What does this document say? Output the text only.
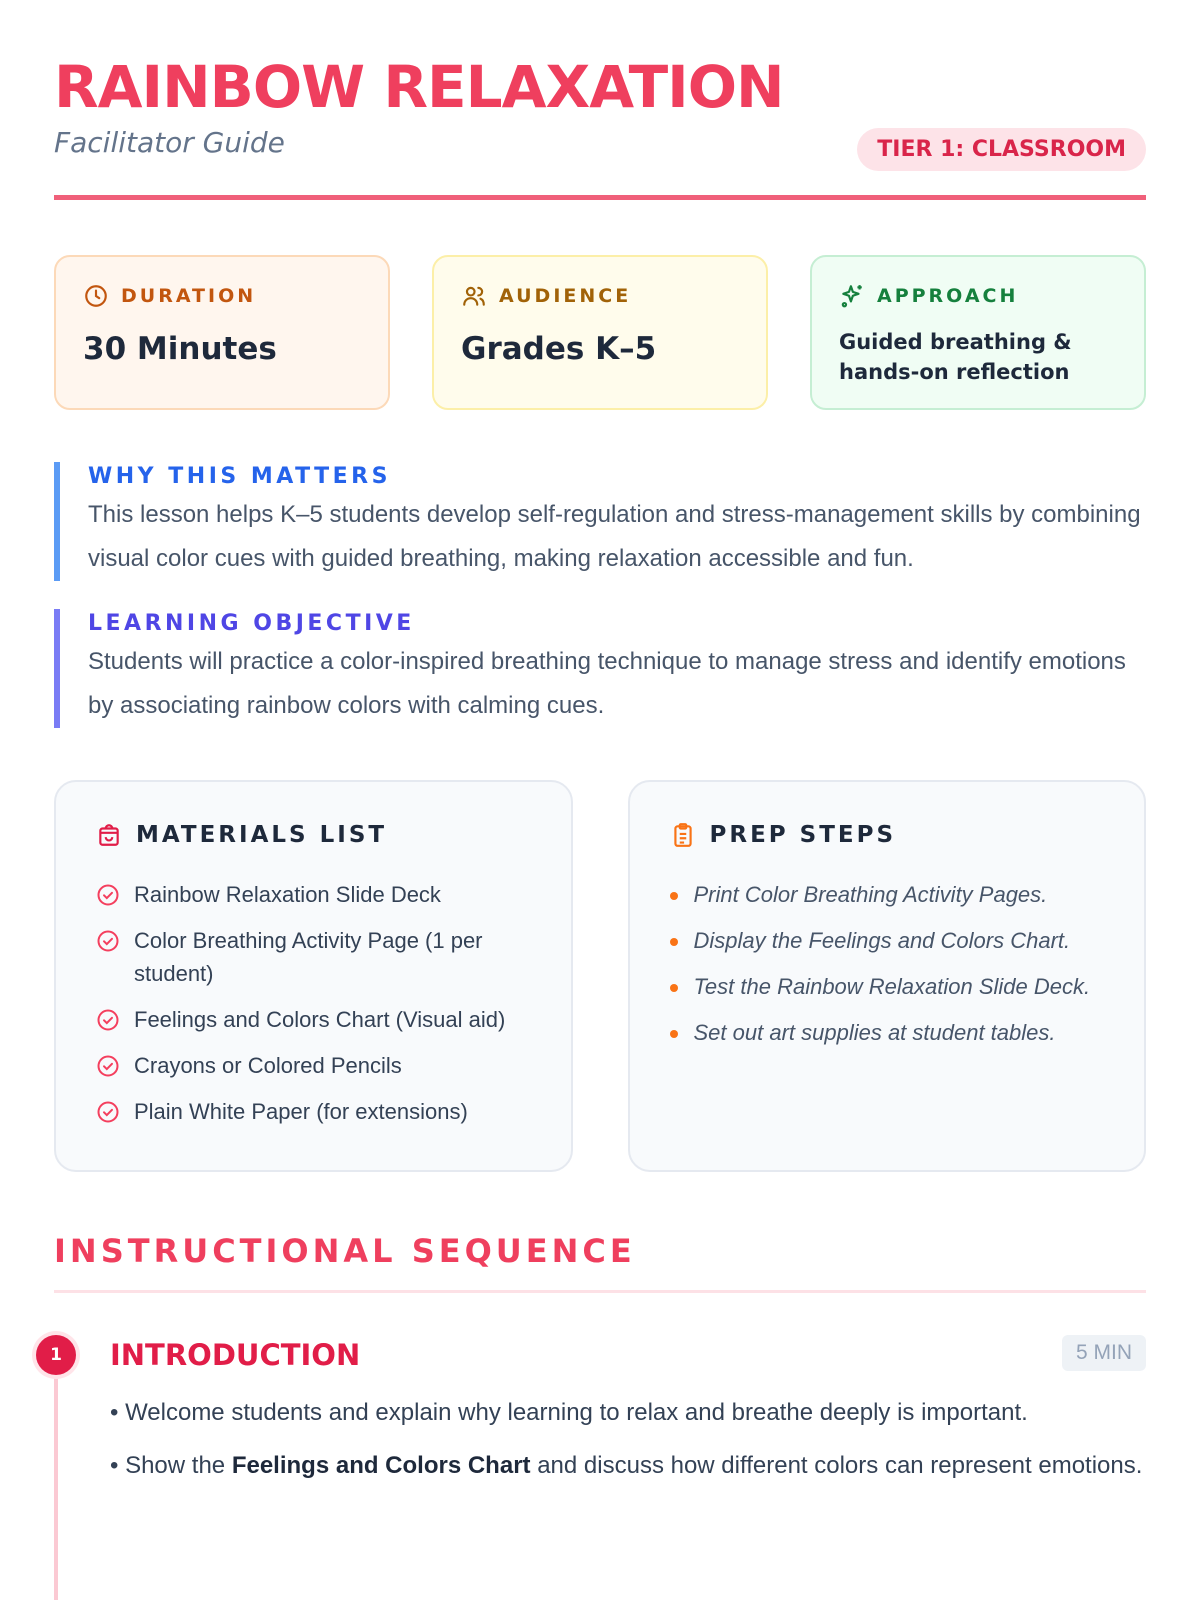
RAINBOW RELAXATION
Facilitator Guide	TIER 1: CLASSROOM
DURATION
30 Minutes
AUDIENCE
Grades K–5
APPROACH
Guided breathing & hands-on reflection
WHY THIS MATTERS

This lesson helps K–5 students develop self-regulation and stress-management skills by combining visual color cues with guided breathing, making relaxation accessible and fun.

LEARNING OBJECTIVE

Students will practice a color-inspired breathing technique to manage stress and identify emotions by associating rainbow colors with calming cues.

MATERIALS LIST
Rainbow Relaxation Slide Deck
Color Breathing Activity Page (1 per student)
Feelings and Colors Chart (Visual aid)
Crayons or Colored Pencils
Plain White Paper (for extensions)
PREP STEPS
Print Color Breathing Activity Pages.
Display the Feelings and Colors Chart.
Test the Rainbow Relaxation Slide Deck.
Set out art supplies at student tables.
INSTRUCTIONAL SEQUENCE
1	INTRODUCTION	5 MIN

• Welcome students and explain why learning to relax and breathe deeply is important.

• Show the Feelings and Colors Chart and discuss how different colors can represent emotions.
